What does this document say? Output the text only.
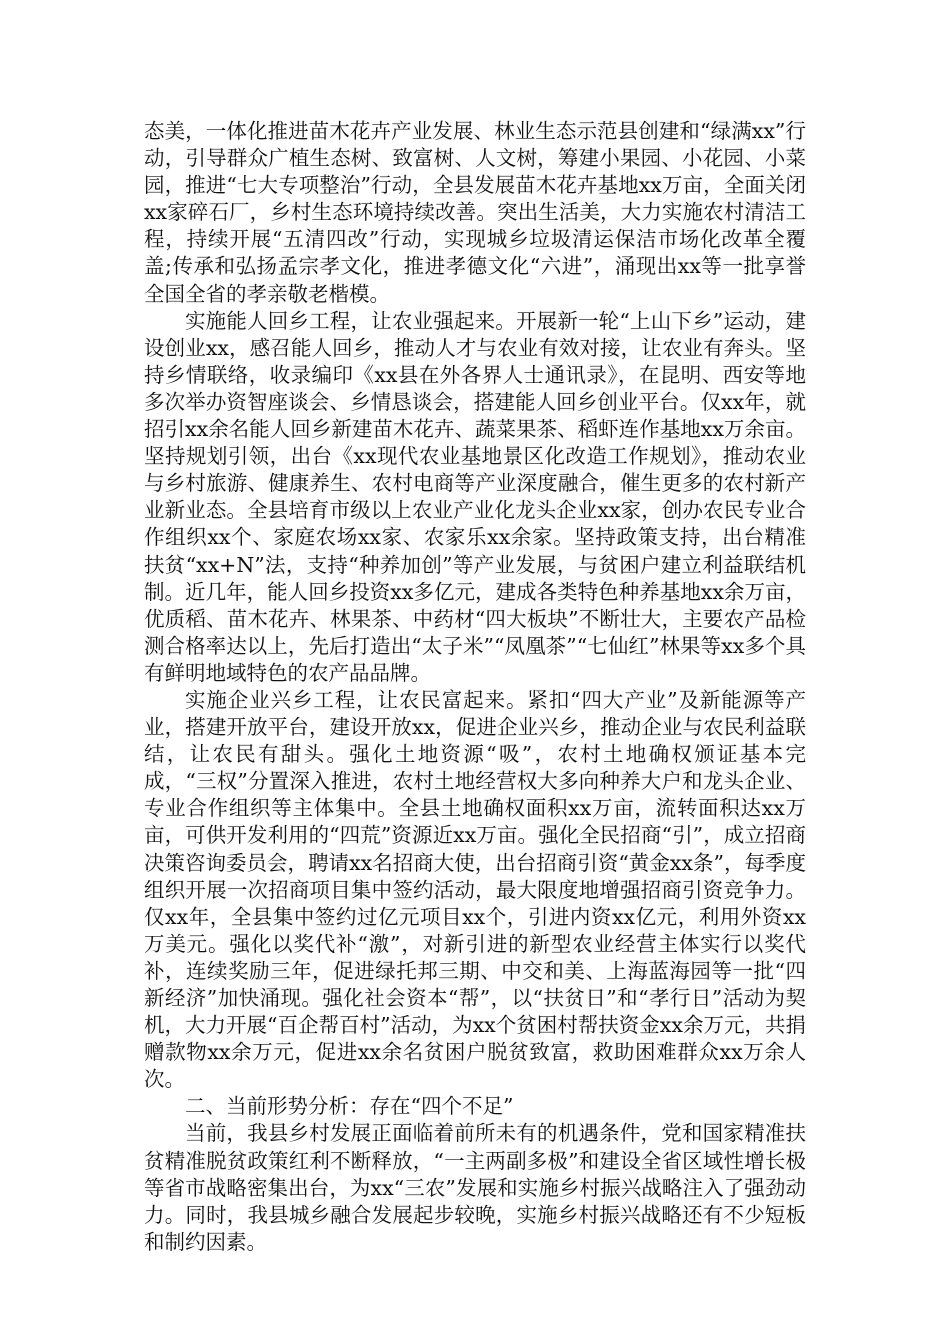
态美，一体化推进苗木花卉产业发展、林业生态示范县创建和“绿满xx”行动，引导群众广植生态树、致富树、人文树，筹建小果园、小花园、小菜园，推进“七大专项整治”行动，全县发展苗木花卉基地xx万亩，全面关闭xx家碎石厂，乡村生态环境持续改善。突出生活美，大力实施农村清洁工程，持续开展“五清四改”行动，实现城乡垃圾清运保洁市场化改革全覆盖;传承和弘扬孟宗孝文化，推进孝德文化“六进”，涌现出xx等一批享誉全国全省的孝亲敬老楷模。

实施能人回乡工程，让农业强起来。开展新一轮“上山下乡”运动，建设创业xx，感召能人回乡，推动人才与农业有效对接，让农业有奔头。坚持乡情联络，收录编印《xx县在外各界人士通讯录》，在昆明、西安等地多次举办资智座谈会、乡情恳谈会，搭建能人回乡创业平台。仅xx年，就招引xx余名能人回乡新建苗木花卉、蔬菜果茶、稻虾连作基地xx万余亩。坚持规划引领，出台《xx现代农业基地景区化改造工作规划》，推动农业与乡村旅游、健康养生、农村电商等产业深度融合，催生更多的农村新产业新业态。全县培育市级以上农业产业化龙头企业xx家，创办农民专业合作组织xx个、家庭农场xx家、农家乐xx余家。坚持政策支持，出台精准扶贫“xx+N”法，支持“种养加创”等产业发展，与贫困户建立利益联结机制。近几年，能人回乡投资xx多亿元，建成各类特色种养基地xx余万亩，优质稻、苗木花卉、林果茶、中药材“四大板块”不断壮大，主要农产品检测合格率达以上，先后打造出“太子米”“凤凰茶”“七仙红”林果等xx多个具有鲜明地域特色的农产品品牌。

实施企业兴乡工程，让农民富起来。紧扣“四大产业”及新能源等产业，搭建开放平台，建设开放xx，促进企业兴乡，推动企业与农民利益联结，让农民有甜头。强化土地资源“吸”，农村土地确权颁证基本完成，“三权”分置深入推进，农村土地经营权大多向种养大户和龙头企业、专业合作组织等主体集中。全县土地确权面积xx万亩，流转面积达xx万亩，可供开发利用的“四荒”资源近xx万亩。强化全民招商“引”，成立招商决策咨询委员会，聘请xx名招商大使，出台招商引资“黄金xx条”，每季度组织开展一次招商项目集中签约活动，最大限度地增强招商引资竞争力。仅xx年，全县集中签约过亿元项目xx个，引进内资xx亿元，利用外资xx万美元。强化以奖代补“激”，对新引进的新型农业经营主体实行以奖代补，连续奖励三年，促进绿托邦三期、中交和美、上海蓝海园等一批“四新经济”加快涌现。强化社会资本“帮”，以“扶贫日”和“孝行日”活动为契机，大力开展“百企帮百村”活动，为xx个贫困村帮扶资金xx余万元，共捐赠款物xx余万元，促进xx余名贫困户脱贫致富，救助困难群众xx万余人次。

二、当前形势分析：存在“四个不足”

当前，我县乡村发展正面临着前所未有的机遇条件，党和国家精准扶贫精准脱贫政策红利不断释放，“一主两副多极”和建设全省区域性增长极等省市战略密集出台，为xx“三农”发展和实施乡村振兴战略注入了强劲动力。同时，我县城乡融合发展起步较晚，实施乡村振兴战略还有不少短板和制约因素。
